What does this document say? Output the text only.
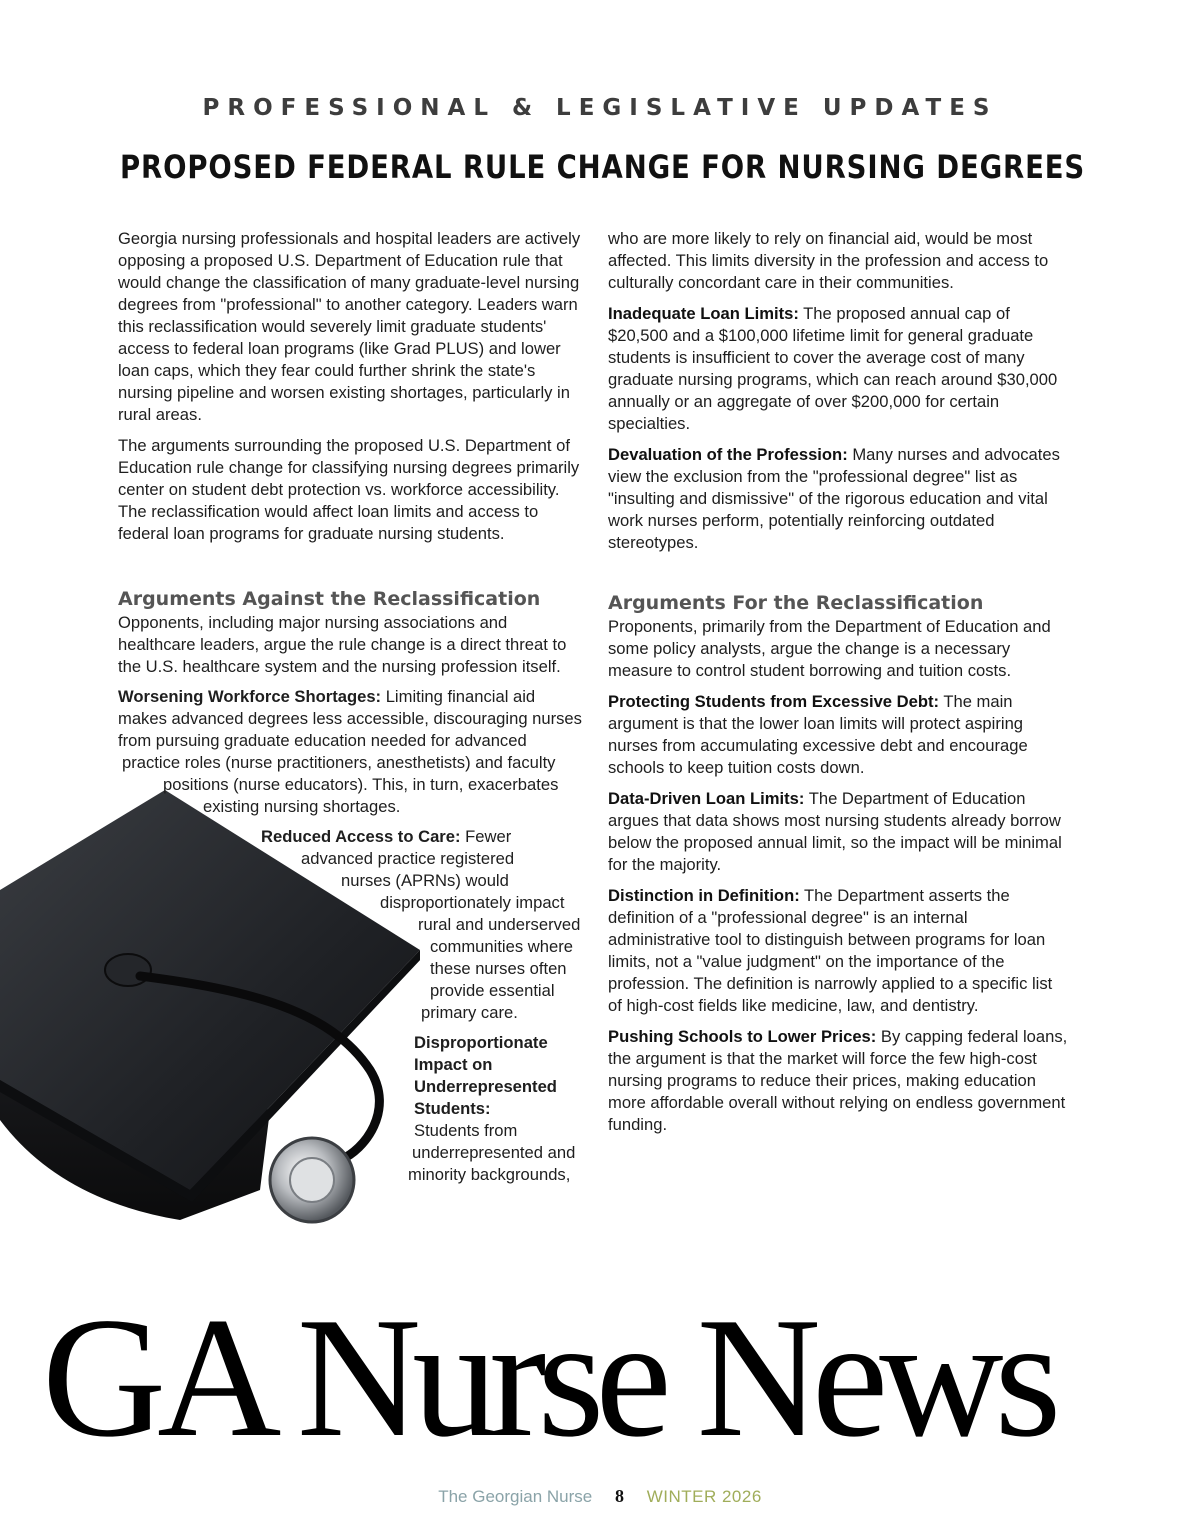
PROFESSIONAL & LEGISLATIVE UPDATES
PROPOSED FEDERAL RULE CHANGE FOR NURSING DEGREES

Georgia nursing professionals and hospital leaders are actively opposing a proposed U.S. Department of Education rule that would change the classification of many graduate-level nursing degrees from "professional" to another category. Leaders warn this reclassification would severely limit graduate students' access to federal loan programs (like Grad PLUS) and lower loan caps, which they fear could further shrink the state's nursing pipeline and worsen existing shortages, particularly in rural areas.

The arguments surrounding the proposed U.S. Department of Education rule change for classifying nursing degrees primarily center on student debt protection vs. workforce accessibility. The reclassification would affect loan limits and access to federal loan programs for graduate nursing students.

Arguments Against the Reclassification

Opponents, including major nursing associations and healthcare leaders, argue the rule change is a direct threat to the U.S. healthcare system and the nursing profession itself.

Worsening Workforce Shortages: Limiting financial aid
makes advanced degrees less accessible, discouraging nurses
from pursuing graduate education needed for advanced
practice roles (nurse practitioners, anesthetists) and faculty
positions (nurse educators). This, in turn, exacerbates
existing nursing shortages.
Reduced Access to Care: Fewer
advanced practice registered
nurses (APRNs) would
disproportionately impact
rural and underserved
communities where
these nurses often
provide essential
primary care.
Disproportionate
Impact on
Underrepresented
Students:
Students from
underrepresented and
minority backgrounds,

who are more likely to rely on financial aid, would be most affected. This limits diversity in the profession and access to culturally concordant care in their communities.

Inadequate Loan Limits: The proposed annual cap of $20,500 and a $100,000 lifetime limit for general graduate students is insufficient to cover the average cost of many graduate nursing programs, which can reach around $30,000 annually or an aggregate of over $200,000 for certain specialties.

Devaluation of the Profession: Many nurses and advocates view the exclusion from the "professional degree" list as "insulting and dismissive" of the rigorous education and vital work nurses perform, potentially reinforcing outdated stereotypes.

Arguments For the Reclassification

Proponents, primarily from the Department of Education and some policy analysts, argue the change is a necessary measure to control student borrowing and tuition costs.

Protecting Students from Excessive Debt: The main argument is that the lower loan limits will protect aspiring nurses from accumulating excessive debt and encourage schools to keep tuition costs down.

Data-Driven Loan Limits: The Department of Education argues that data shows most nursing students already borrow below the proposed annual limit, so the impact will be minimal for the majority.

Distinction in Definition: The Department asserts the definition of a "professional degree" is an internal administrative tool to distinguish between programs for loan limits, not a "value judgment" on the importance of the profession. The definition is narrowly applied to a specific list of high-cost fields like medicine, law, and dentistry.

Pushing Schools to Lower Prices: By capping federal loans, the argument is that the market will force the few high-cost nursing programs to reduce their prices, making education more affordable overall without relying on endless government funding.

GA Nurse News
The Georgian Nurse 8 WINTER 2026
